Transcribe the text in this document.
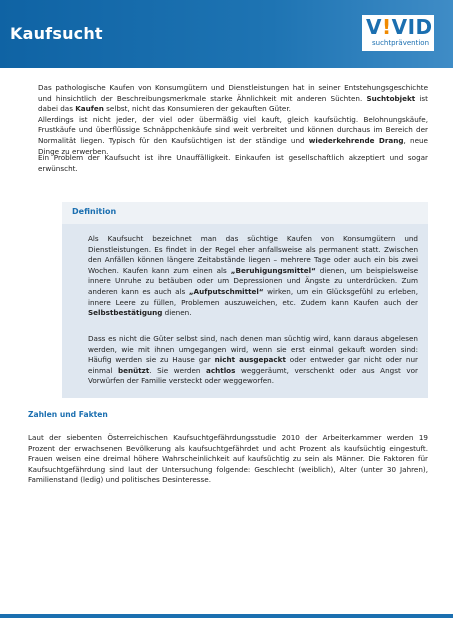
Kaufsucht	V!VID
suchtprävention

Das pathologische Kaufen von Konsumgütern und Dienstleistungen hat in seiner Entstehungsgeschichte und hinsichtlich der Beschreibungsmerkmale starke Ähnlichkeit mit anderen Süchten. Suchtobjekt ist dabei das Kaufen selbst, nicht das Konsumieren der gekauften Güter.
Allerdings ist nicht jeder, der viel oder übermäßig viel kauft, gleich kaufsüchtig. Belohnungskäufe, Frustkäufe und überflüssige Schnäppchenkäufe sind weit verbreitet und können durchaus im Bereich der Normalität liegen. Typisch für den Kaufsüchtigen ist der ständige und wiederkehrende Drang, neue Dinge zu erwerben.

Ein Problem der Kaufsucht ist ihre Unauffälligkeit. Einkaufen ist gesellschaftlich akzeptiert und sogar erwünscht.

Definition

Als Kaufsucht bezeichnet man das süchtige Kaufen von Konsumgütern und Dienstleistungen. Es findet in der Regel eher anfallsweise als permanent statt. Zwischen den Anfällen können längere Zeitabstände liegen – mehrere Tage oder auch ein bis zwei Wochen. Kaufen kann zum einen als „Beruhigungsmittel“ dienen, um beispielsweise innere Unruhe zu betäuben oder um Depressionen und Ängste zu unterdrücken. Zum anderen kann es auch als „Aufputschmittel“ wirken, um ein Glücksgefühl zu erleben, innere Leere zu füllen, Problemen auszuweichen, etc. Zudem kann Kaufen auch der Selbstbestätigung dienen.

Dass es nicht die Güter selbst sind, nach denen man süchtig wird, kann daraus abgelesen werden, wie mit ihnen umgegangen wird, wenn sie erst einmal gekauft worden sind: Häufig werden sie zu Hause gar nicht ausgepackt oder entweder gar nicht oder nur einmal benützt. Sie werden achtlos weggeräumt, verschenkt oder aus Angst vor Vorwürfen der Familie versteckt oder weggeworfen.

Zahlen und Fakten

Laut der siebenten Österreichischen Kaufsuchtgefährdungsstudie 2010 der Arbeiterkammer werden 19 Prozent der erwachsenen Bevölkerung als kaufsuchtgefährdet und acht Prozent als kaufsüchtig eingestuft. Frauen weisen eine dreimal höhere Wahrscheinlichkeit auf kaufsüchtig zu sein als Männer. Die Faktoren für Kaufsuchtgefährdung sind laut der Untersuchung folgende: Geschlecht (weiblich), Alter (unter 30 Jahren), Familienstand (ledig) und politisches Desinteresse.
